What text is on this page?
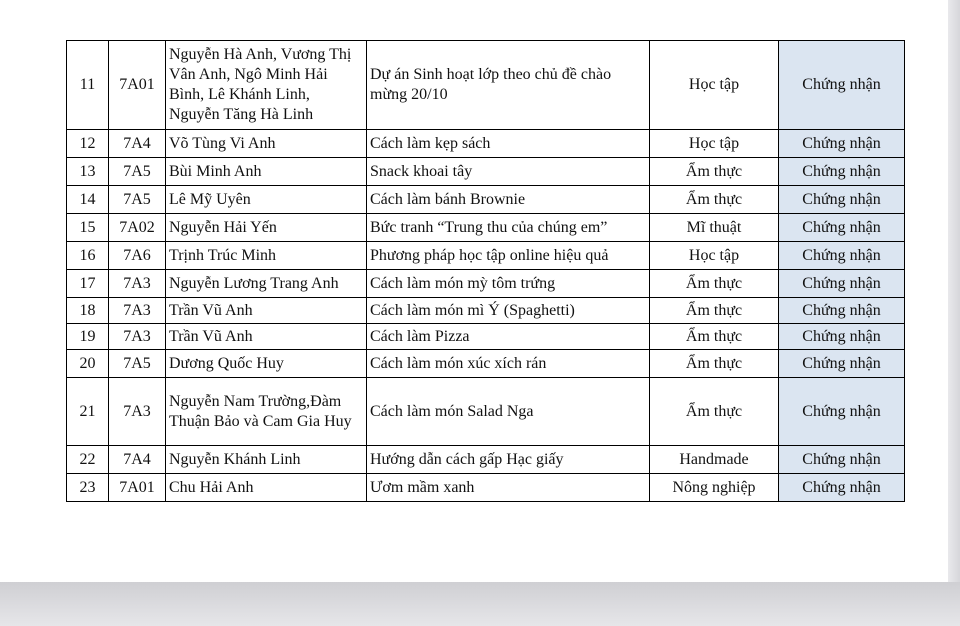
11	7A01	Nguyễn Hà Anh, Vương Thị Vân Anh, Ngô Minh Hải Bình, Lê Khánh Linh, Nguyễn Tăng Hà Linh	Dự án Sinh hoạt lớp theo chủ đề chào mừng 20/10	Học tập	Chứng nhận
12	7A4	Võ Tùng Vi Anh	Cách làm kẹp sách	Học tập	Chứng nhận
13	7A5	Bùi Minh Anh	Snack khoai tây	Ẩm thực	Chứng nhận
14	7A5	Lê Mỹ Uyên	Cách làm bánh Brownie	Ẩm thực	Chứng nhận
15	7A02	Nguyễn Hải Yến	Bức tranh “Trung thu của chúng em”	Mĩ thuật	Chứng nhận
16	7A6	Trịnh Trúc Minh	Phương pháp học tập online hiệu quả	Học tập	Chứng nhận
17	7A3	Nguyễn Lương Trang Anh	Cách làm món mỳ tôm trứng	Ẩm thực	Chứng nhận
18	7A3	Trần Vũ Anh	Cách làm món mì Ý (Spaghetti)	Ẩm thực	Chứng nhận
19	7A3	Trần Vũ Anh	Cách làm Pizza	Ẩm thực	Chứng nhận
20	7A5	Dương Quốc Huy	Cách làm món xúc xích rán	Ẩm thực	Chứng nhận
21	7A3	Nguyễn Nam Trường,Đàm Thuận Bảo và Cam Gia Huy	Cách làm món Salad Nga	Ẩm thực	Chứng nhận
22	7A4	Nguyễn Khánh Linh	Hướng dẫn cách gấp Hạc giấy	Handmade	Chứng nhận
23	7A01	Chu Hải Anh	Ươm mầm xanh	Nông nghiệp	Chứng nhận
